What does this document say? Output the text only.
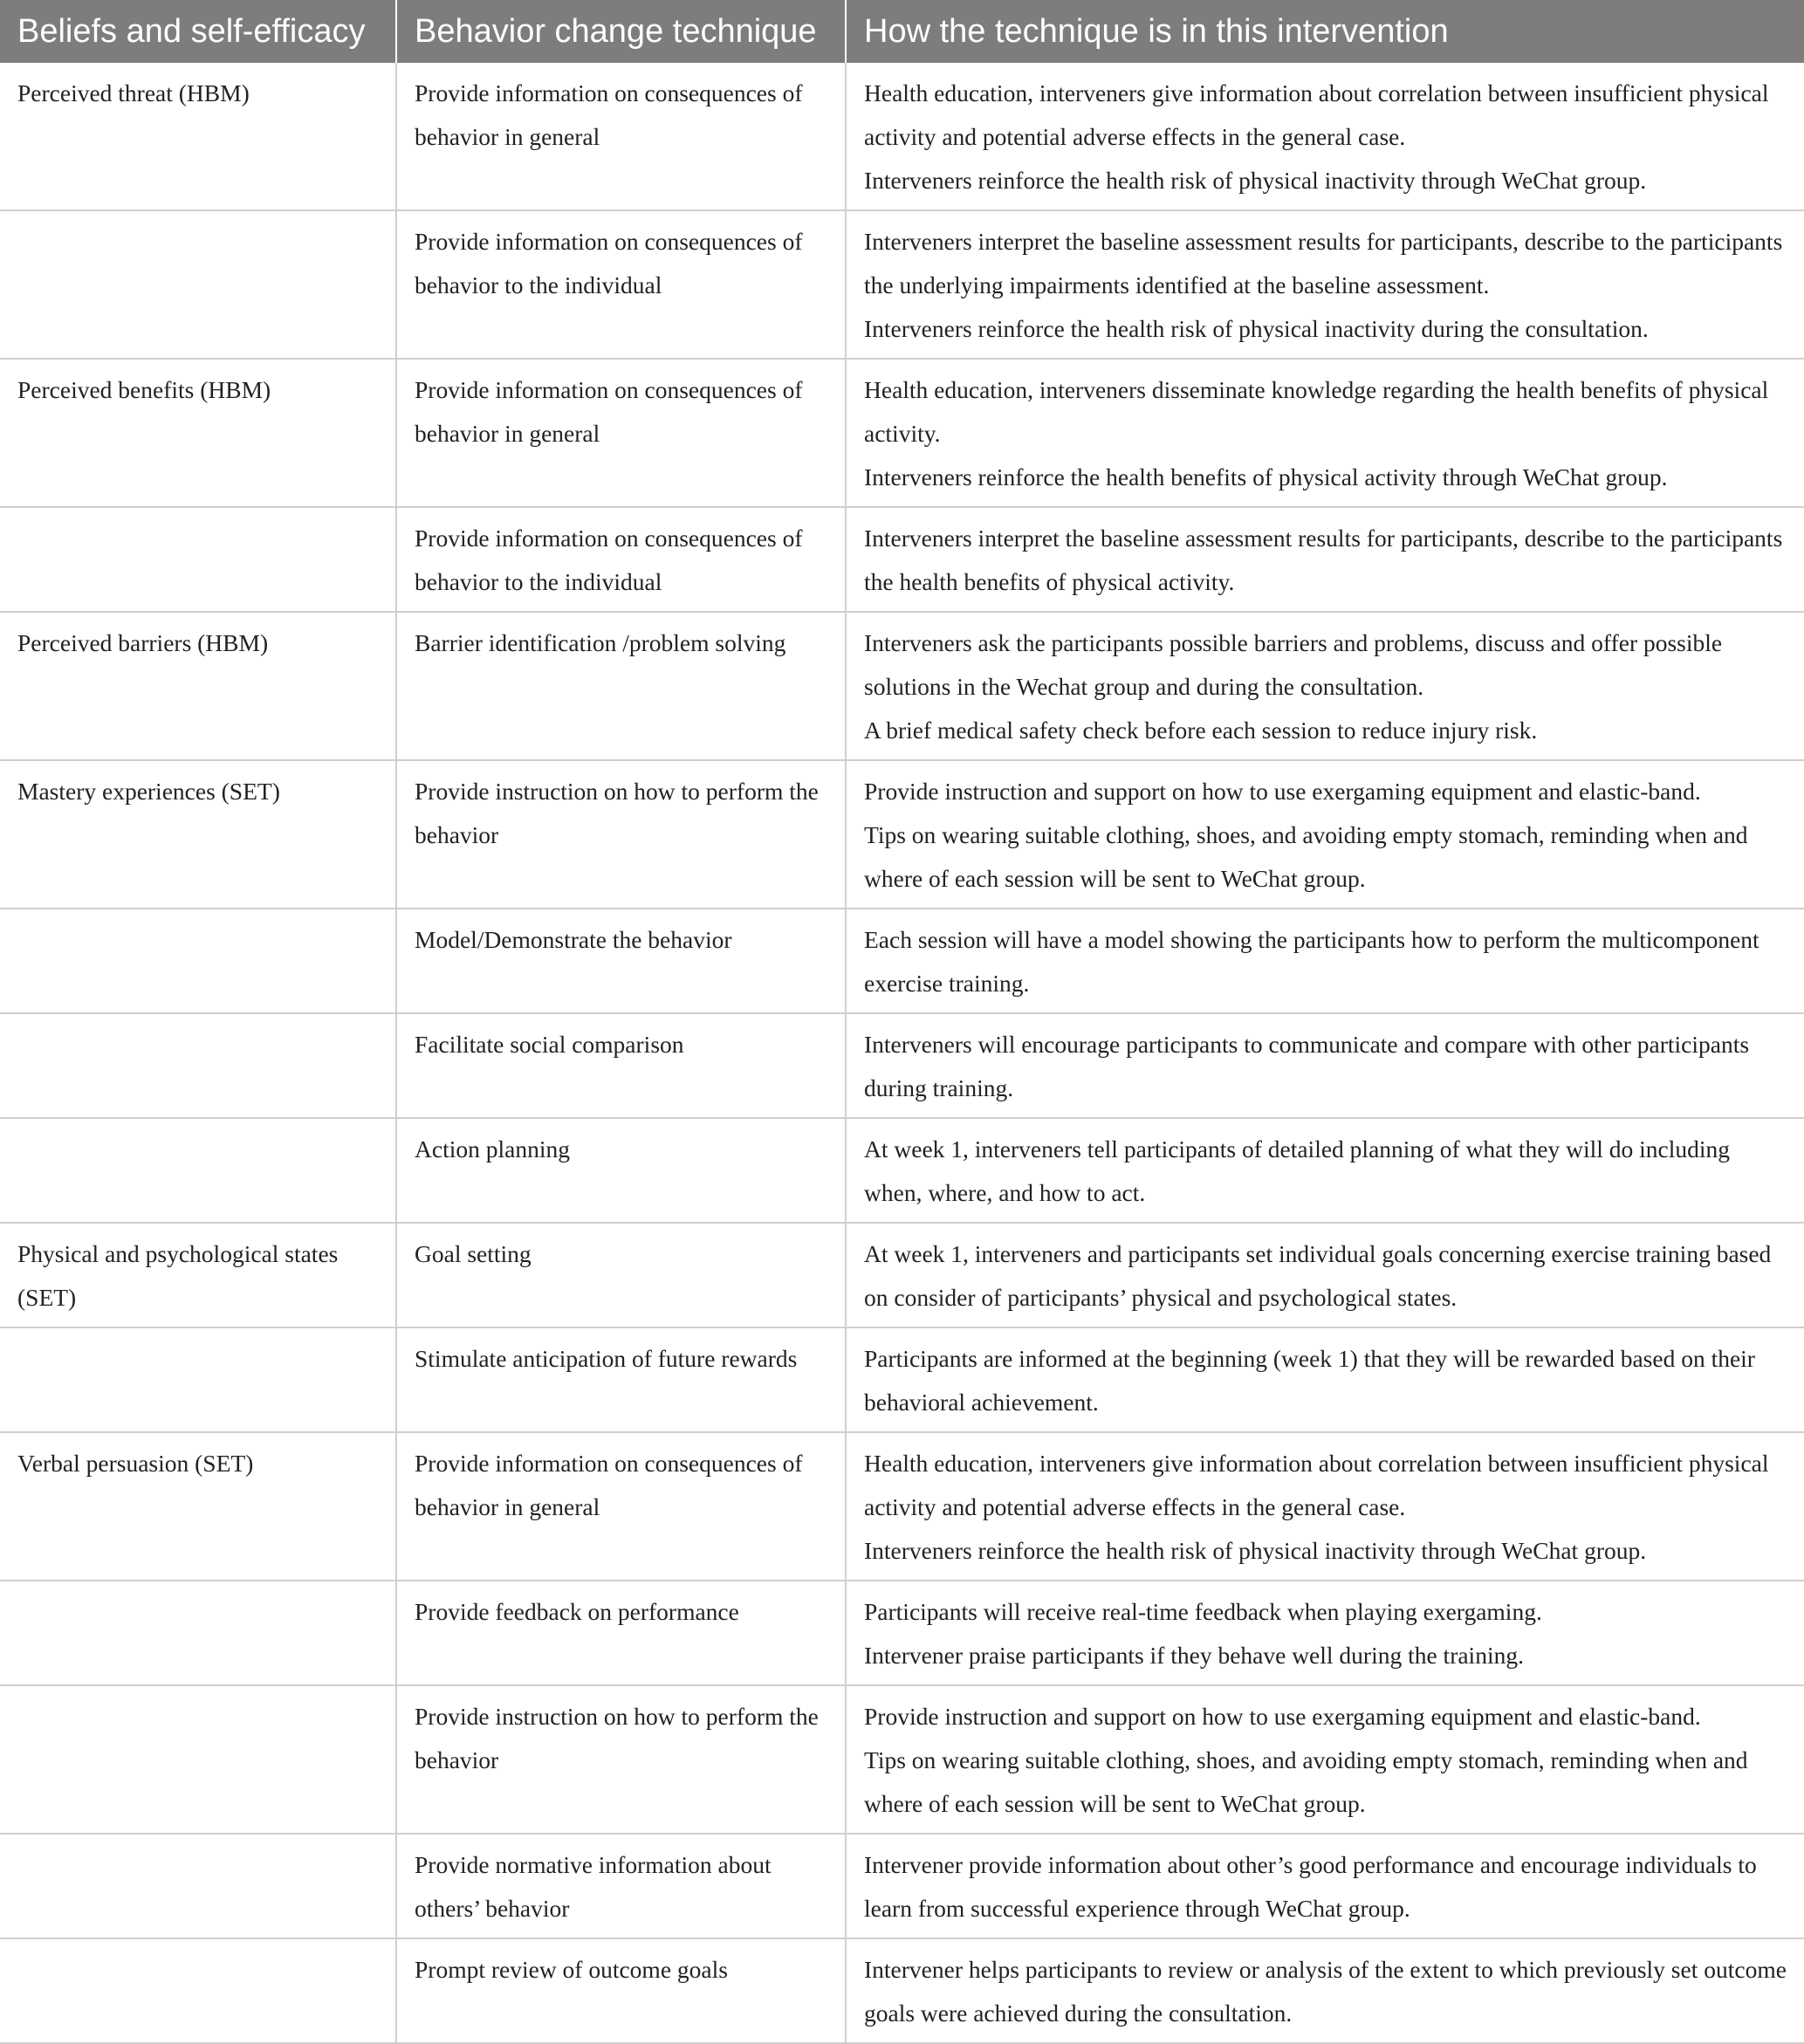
Beliefs and self-efficacy	Behavior change technique	How the technique is in this intervention
Perceived threat (HBM)	Provide information on consequences of behavior in general	Health education, interveners give information about correlation between insufficient physical activity and potential adverse effects in the general case.
Interveners reinforce the health risk of physical inactivity through WeChat group.

	Provide information on consequences of behavior to the individual	Interveners interpret the baseline assessment results for participants, describe to the participants the underlying impairments identified at the baseline assessment.
Interveners reinforce the health risk of physical inactivity during the consultation.

Perceived benefits (HBM)	Provide information on consequences of behavior in general	Health education, interveners disseminate knowledge regarding the health benefits of physical activity.
Interveners reinforce the health benefits of physical activity through WeChat group.

	Provide information on consequences of behavior to the individual	Interveners interpret the baseline assessment results for participants, describe to the participants the health benefits of physical activity.

Perceived barriers (HBM)	Barrier identification /problem solving	Interveners ask the participants possible barriers and problems, discuss and offer possible solutions in the Wechat group and during the consultation.
A brief medical safety check before each session to reduce injury risk.

Mastery experiences (SET)	Provide instruction on how to perform the behavior	Provide instruction and support on how to use exergaming equipment and elastic-band.
Tips on wearing suitable clothing, shoes, and avoiding empty stomach, reminding when and where of each session will be sent to WeChat group.

	Model/Demonstrate the behavior	Each session will have a model showing the participants how to perform the multicomponent exercise training.

	Facilitate social comparison	Interveners will encourage participants to communicate and compare with other participants during training.

	Action planning	At week 1, interveners tell participants of detailed planning of what they will do including when, where, and how to act.

Physical and psychological states (SET)	Goal setting	At week 1, interveners and participants set individual goals concerning exercise training based on consider of participants’ physical and psychological states.

	Stimulate anticipation of future rewards	Participants are informed at the beginning (week 1) that they will be rewarded based on their behavioral achievement.

Verbal persuasion (SET)	Provide information on consequences of behavior in general	Health education, interveners give information about correlation between insufficient physical activity and potential adverse effects in the general case.
Interveners reinforce the health risk of physical inactivity through WeChat group.

	Provide feedback on performance	Participants will receive real-time feedback when playing exergaming.
Intervener praise participants if they behave well during the training.

	Provide instruction on how to perform the behavior	Provide instruction and support on how to use exergaming equipment and elastic-band.
Tips on wearing suitable clothing, shoes, and avoiding empty stomach, reminding when and where of each session will be sent to WeChat group.

	Provide normative information about others’ behavior	Intervener provide information about other’s good performance and encourage individuals to learn from successful experience through WeChat group.

	Prompt review of outcome goals	Intervener helps participants to review or analysis of the extent to which previously set outcome goals were achieved during the consultation.
